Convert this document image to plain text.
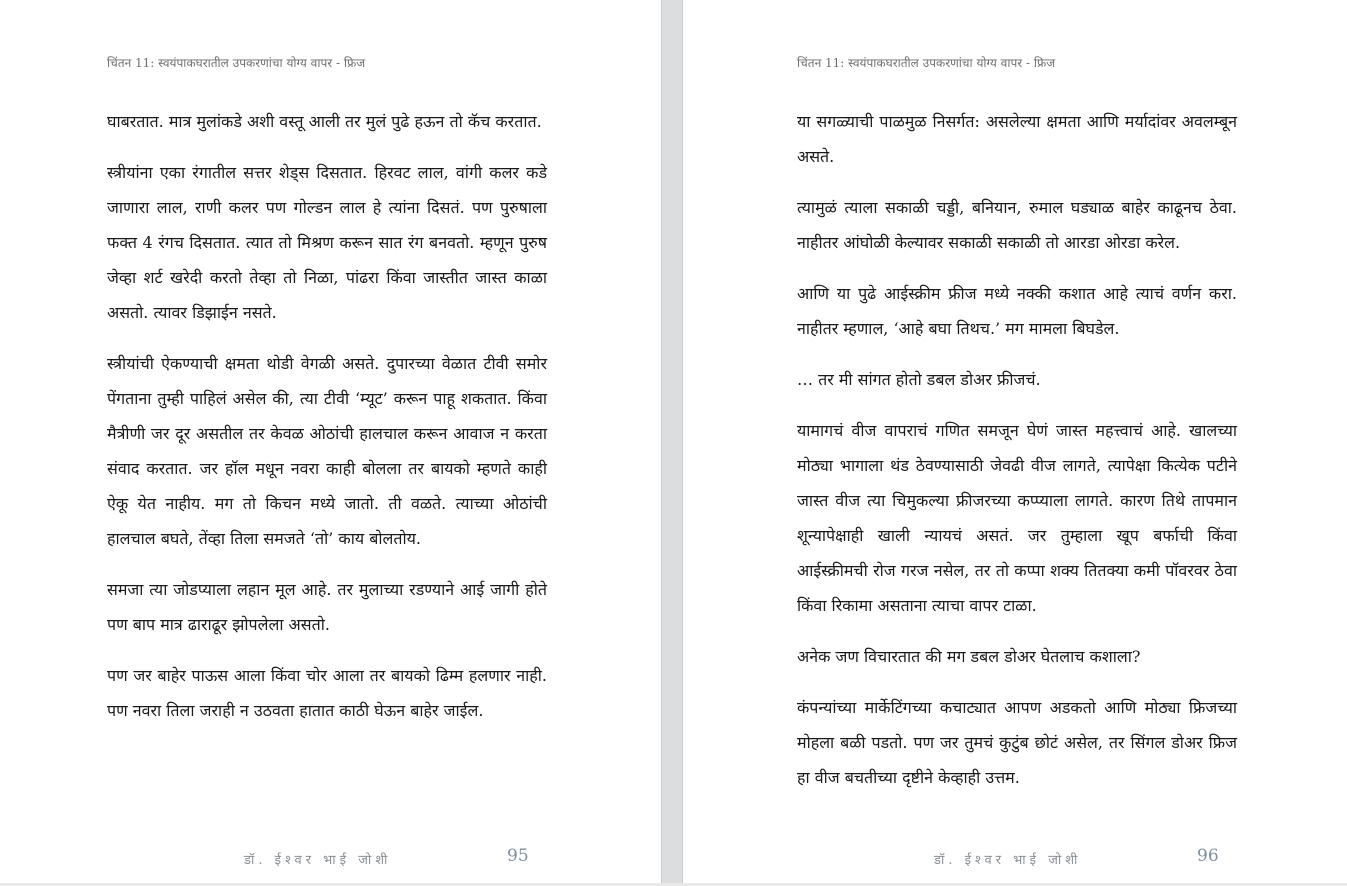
चिंतन 11: स्वयंपाकघरातील उपकरणांचा योग्य वापर - फ्रिज

घाबरतात. मात्र मुलांकडे अशी वस्तू आली तर मुलं पुढे हऊन तो कॅच करतात.

स्त्रीयांना एका रंगातील सत्तर शेड्स दिसतात. हिरवट लाल, वांगी कलर कडे जाणारा लाल, राणी कलर पण गोल्डन लाल हे त्यांना दिसतं. पण पुरुषाला फक्त 4 रंगच दिसतात. त्यात तो मिश्रण करून सात रंग बनवतो. म्हणून पुरुष जेव्हा शर्ट खरेदी करतो तेव्हा तो निळा, पांढरा किंवा जास्तीत जास्त काळा असतो. त्यावर डिझाईन नसते.

स्त्रीयांची ऐकण्याची क्षमता थोडी वेगळी असते. दुपारच्या वेळात टीवी समोर पेंगताना तुम्ही पाहिलं असेल की, त्या टीवी ‘म्यूट’ करून पाहू शकतात. किंवा मैत्रीणी जर दूर असतील तर केवळ ओठांची हालचाल करून आवाज न करता संवाद करतात. जर हॉल मधून नवरा काही बोलला तर बायको म्हणते काही ऐकू येत नाहीय. मग तो किचन मध्ये जातो. ती वळते. त्याच्या ओठांची हालचाल बघते, तेंव्हा तिला समजते ‘तो’ काय बोलतोय.

समजा त्या जोडप्याला लहान मूल आहे. तर मुलाच्या रडण्याने आई जागी होते पण बाप मात्र ढाराढूर झोपलेला असतो.

पण जर बाहेर पाऊस आला किंवा चोर आला तर बायको ढिम्म हलणार नाही. पण नवरा तिला जराही न उठवता हातात काठी घेऊन बाहेर जाईल.

डॉ. ईश्वर भाई जोशी	95
चिंतन 11: स्वयंपाकघरातील उपकरणांचा योग्य वापर - फ्रिज

या सगळ्याची पाळमुळ निसर्गत: असलेल्या क्षमता आणि मर्यादांवर अवलम्बून असते.

त्यामुळं त्याला सकाळी चड्डी, बनियान, रुमाल घड्याळ बाहेर काढूनच ठेवा. नाहीतर आंघोळी केल्यावर सकाळी सकाळी तो आरडा ओरडा करेल.

आणि या पुढे आईस्क्रीम फ्रीज मध्ये नक्की कशात आहे त्याचं वर्णन करा. नाहीतर म्हणाल, ‘आहे बघा तिथच.’ मग मामला बिघडेल.

… तर मी सांगत होतो डबल डोअर फ्रीजचं.

यामागचं वीज वापराचं गणित समजून घेणं जास्त महत्त्वाचं आहे. खालच्या मोठ्या भागाला थंड ठेवण्यासाठी जेवढी वीज लागते, त्यापेक्षा कित्येक पटीने जास्त वीज त्या चिमुकल्या फ्रीजरच्या कप्प्याला लागते. कारण तिथे तापमान शून्यापेक्षाही खाली न्यायचं असतं. जर तुम्हाला खूप बर्फाची किंवा आईस्क्रीमची रोज गरज नसेल, तर तो कप्पा शक्य तितक्या कमी पॉवरवर ठेवा किंवा रिकामा असताना त्याचा वापर टाळा.

अनेक जण विचारतात की मग डबल डोअर घेतलाच कशाला?

कंपन्यांच्या मार्केटिंगच्या कचाट्यात आपण अडकतो आणि मोठ्या फ्रिजच्या मोहला बळी पडतो. पण जर तुमचं कुटुंब छोटं असेल, तर सिंगल डोअर फ्रिज हा वीज बचतीच्या दृष्टीने केव्हाही उत्तम.

डॉ. ईश्वर भाई जोशी	96
